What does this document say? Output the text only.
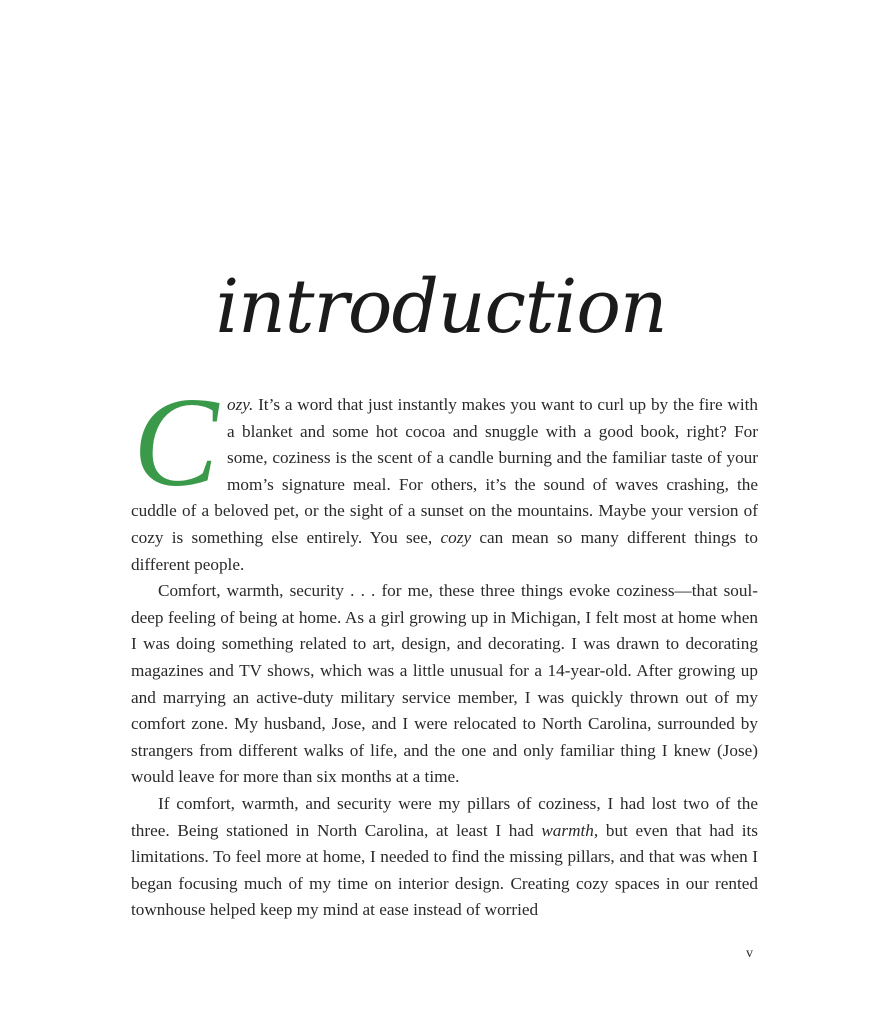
introduction

Cozy. It’s a word that just instantly makes you want to curl up by the fire with a blanket and some hot cocoa and snuggle with a good book, right? For some, coziness is the scent of a candle burning and the familiar taste of your mom’s signature meal. For others, it’s the sound of waves crashing, the cuddle of a beloved pet, or the sight of a sunset on the mountains. Maybe your version of cozy is something else entirely. You see, cozy can mean so many different things to different people.

Comfort, warmth, security . . . for me, these three things evoke coziness—that soul-deep feeling of being at home. As a girl growing up in Michigan, I felt most at home when I was doing something related to art, design, and decorating. I was drawn to decorating magazines and TV shows, which was a little unusual for a 14-year-old. After growing up and marrying an active-duty military service member, I was quickly thrown out of my comfort zone. My husband, Jose, and I were relocated to North Carolina, surrounded by strangers from different walks of life, and the one and only familiar thing I knew (Jose) would leave for more than six months at a time.

If comfort, warmth, and security were my pillars of coziness, I had lost two of the three. Being stationed in North Carolina, at least I had warmth, but even that had its limitations. To feel more at home, I needed to find the missing pillars, and that was when I began focusing much of my time on interior design. Creating cozy spaces in our rented townhouse helped keep my mind at ease instead of worried

v
